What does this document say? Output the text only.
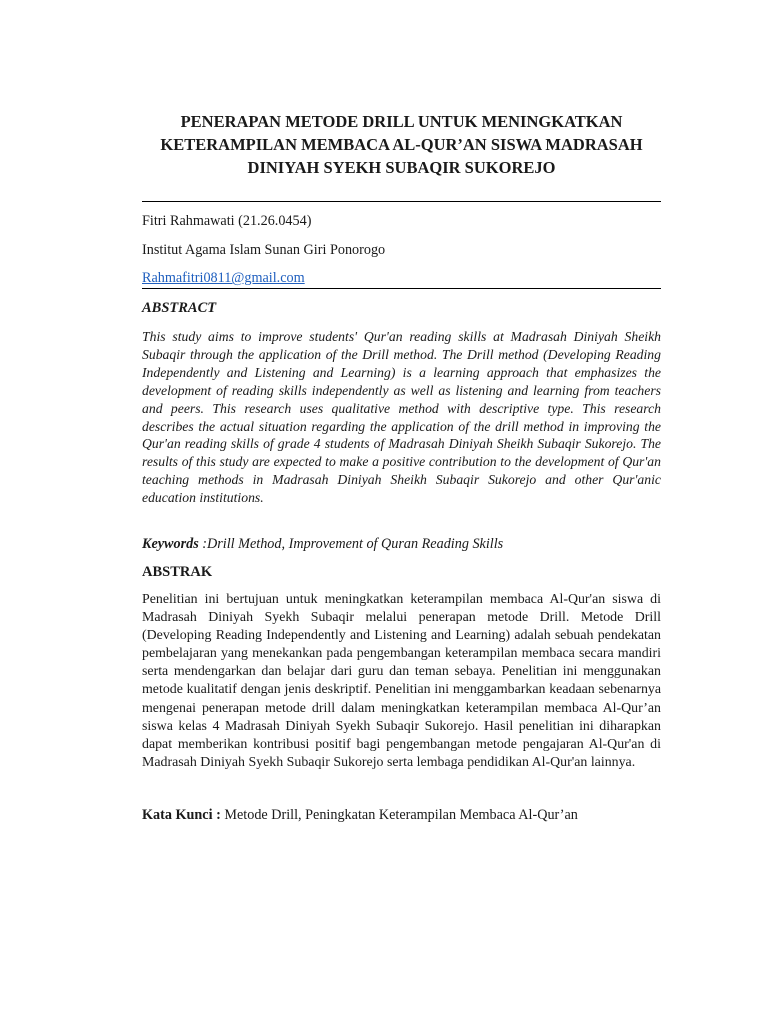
PENERAPAN METODE DRILL UNTUK MENINGKATKAN
KETERAMPILAN MEMBACA AL-QUR’AN SISWA MADRASAH
DINIYAH SYEKH SUBAQIR SUKOREJO
Fitri Rahmawati (21.26.0454)
Institut Agama Islam Sunan Giri Ponorogo
Rahmafitri0811@gmail.com
ABSTRACT

This study aims to improve students' Qur'an reading skills at Madrasah Diniyah Sheikh Subaqir through the application of the Drill method. The Drill method (Developing Reading Independently and Listening and Learning) is a learning approach that emphasizes the development of reading skills independently as well as listening and learning from teachers and peers. This research uses qualitative method with descriptive type. This research describes the actual situation regarding the application of the drill method in improving the Qur'an reading skills of grade 4 students of Madrasah Diniyah Sheikh Subaqir Sukorejo. The results of this study are expected to make a positive contribution to the development of Qur'an teaching methods in Madrasah Diniyah Sheikh Subaqir Sukorejo and other Qur'anic education institutions.

Keywords :Drill Method, Improvement of Quran Reading Skills
ABSTRAK

Penelitian ini bertujuan untuk meningkatkan keterampilan membaca Al-Qur'an siswa di Madrasah Diniyah Syekh Subaqir melalui penerapan metode Drill. Metode Drill (Developing Reading Independently and Listening and Learning) adalah sebuah pendekatan pembelajaran yang menekankan pada pengembangan keterampilan membaca secara mandiri serta mendengarkan dan belajar dari guru dan teman sebaya. Penelitian ini menggunakan metode kualitatif dengan jenis deskriptif. Penelitian ini menggambarkan keadaan sebenarnya mengenai penerapan metode drill dalam meningkatkan keterampilan membaca Al-Qur’an siswa kelas 4 Madrasah Diniyah Syekh Subaqir Sukorejo. Hasil penelitian ini diharapkan dapat memberikan kontribusi positif bagi pengembangan metode pengajaran Al-Qur'an di Madrasah Diniyah Syekh Subaqir Sukorejo serta lembaga pendidikan Al-Qur'an lainnya.

Kata Kunci : Metode Drill, Peningkatan Keterampilan Membaca Al-Qur’an
